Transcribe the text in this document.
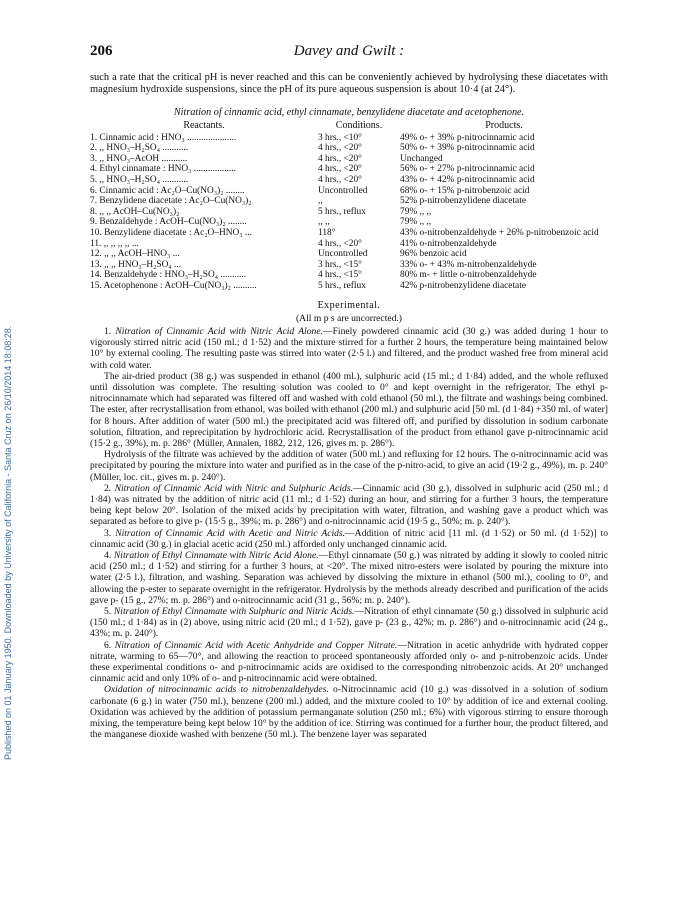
Published on 01 January 1950. Downloaded by University of California - Santa Cruz on 26/10/2014 18:08:28.
206	Davey and Gwilt :

such a rate that the critical pH is never reached and this can be conveniently achieved by hydrolysing these diacetates with magnesium hydroxide suspensions, since the pH of its pure aqueous suspension is about 10·4 (at 24°).

Nitration of cinnamic acid, ethyl cinnamate, benzylidene diacetate and acetophenone.
Reactants.	Conditions.	Products.
1. Cinnamic acid : HNO₃ .....................	3 hrs., <10°	49% o- + 39% p-nitrocinnamic acid
2. ,, HNO₃–H₂SO₄ ...........	4 hrs., <20°	50% o- + 39% p-nitrocinnamic acid
3. ,, HNO₃–AcOH ...........	4 hrs., <20°	Unchanged
4. Ethyl cinnamate : HNO₃ ..................	4 hrs., <20°	56% o- + 27% p-nitrocinnamic acid
5. ,, HNO₃–H₂SO₄ ...........	4 hrs., <20°	43% o- + 42% p-nitrocinnamic acid
6. Cinnamic acid : Ac₂O–Cu(NO₃)₂ ........	Uncontrolled	68% o- + 15% p-nitrobenzoic acid
7. Benzylidene diacetate : Ac₂O–Cu(NO₃)₂	,,	52% p-nitrobenzylidene diacetate
8. ,, ,, AcOH–Cu(NO₃)₂	5 hrs., reflux	79% ,, ,,
9. Benzaldehyde : AcOH–Cu(NO₃)₂ ........	,, ,,	79% ,, ,,
10. Benzylidene diacetate : Ac₂O–HNO₃ ...	118°	43% o-nitrobenzaldehyde + 26% p-nitrobenzoic acid
11. ,, ,, ,, ,, ...	4 hrs., <20°	41% o-nitrobenzaldehyde
12. ,, ,, AcOH–HNO₃ ...	Uncontrolled	96% benzoic acid
13. ,, ,, HNO₃–H₂SO₄ ...	3 hrs., <15°	33% o- + 43% m-nitrobenzaldehyde
14. Benzaldehyde : HNO₃–H₂SO₄ ...........	4 hrs., <15°	80% m- + little o-nitrobenzaldehyde
15. Acetophenone : AcOH–Cu(NO₃)₂ ..........	5 hrs., reflux	42% p-nitrobenzylidene diacetate
Experimental.
(All m p s are uncorrected.)

1. Nitration of Cinnamic Acid with Nitric Acid Alone.—Finely powdered cinnamic acid (30 g.) was added during 1 hour to vigorously stirred nitric acid (150 ml.; d 1·52) and the mixture stirred for a further 2 hours, the temperature being maintained below 10° by external cooling. The resulting paste was stirred into water (2·5 l.) and filtered, and the product washed free from mineral acid with cold water.

The air-dried product (38 g.) was suspended in ethanol (400 ml.), sulphuric acid (15 ml.; d 1·84) added, and the whole refluxed until dissolution was complete. The resulting solution was cooled to 0° and kept overnight in the refrigerator. The ethyl p-nitrocinnamate which had separated was filtered off and washed with cold ethanol (50 ml.), the filtrate and washings being combined. The ester, after recrystallisation from ethanol, was boiled with ethanol (200 ml.) and sulphuric acid [50 ml. (d 1·84) +350 ml. of water] for 8 hours. After addition of water (500 ml.) the precipitated acid was filtered off, and purified by dissolution in sodium carbonate solution, filtration, and reprecipitation by hydrochloric acid. Recrystallisation of the product from ethanol gave p-nitrocinnamic acid (15·2 g., 39%), m. p. 286° (Müller, Annalen, 1882, 212, 126, gives m. p. 286°).

Hydrolysis of the filtrate was achieved by the addition of water (500 ml.) and refluxing for 12 hours. The o-nitrocinnamic acid was precipitated by pouring the mixture into water and purified as in the case of the p-nitro-acid, to give an acid (19·2 g., 49%), m. p. 240° (Müller, loc. cit., gives m. p. 240°).

2. Nitration of Cinnamic Acid with Nitric and Sulphuric Acids.—Cinnamic acid (30 g.), dissolved in sulphuric acid (250 ml.; d 1·84) was nitrated by the addition of nitric acid (11 ml.; d 1·52) during an hour, and stirring for a further 3 hours, the temperature being kept below 20°. Isolation of the mixed acids by precipitation with water, filtration, and washing gave a product which was separated as before to give p- (15·5 g., 39%; m. p. 286°) and o-nitrocinnamic acid (19·5 g., 50%; m. p. 240°).

3. Nitration of Cinnamic Acid with Acetic and Nitric Acids.—Addition of nitric acid [11 ml. (d 1·52) or 50 ml. (d 1·52)] to cinnamic acid (30 g.) in glacial acetic acid (250 ml.) afforded only unchanged cinnamic acid.

4. Nitration of Ethyl Cinnamate with Nitric Acid Alone.—Ethyl cinnamate (50 g.) was nitrated by adding it slowly to cooled nitric acid (250 ml.; d 1·52) and stirring for a further 3 hours, at <20°. The mixed nitro-esters were isolated by pouring the mixture into water (2·5 l.), filtration, and washing. Separation was achieved by dissolving the mixture in ethanol (500 ml.), cooling to 0°, and allowing the p-ester to separate overnight in the refrigerator. Hydrolysis by the methods already described and purification of the acids gave p- (15 g., 27%; m. p. 286°) and o-nitrocinnamic acid (31 g., 56%; m. p. 240°).

5. Nitration of Ethyl Cinnamate with Sulphuric and Nitric Acids.—Nitration of ethyl cinnamate (50 g.) dissolved in sulphuric acid (150 ml.; d 1·84) as in (2) above, using nitric acid (20 ml.; d 1·52), gave p- (23 g., 42%; m. p. 286°) and o-nitrocinnamic acid (24 g., 43%; m. p. 240°).

6. Nitration of Cinnamic Acid with Acetic Anhydride and Copper Nitrate.—Nitration in acetic anhydride with hydrated copper nitrate, warming to 65—70°, and allowing the reaction to proceed spontaneously afforded only o- and p-nitrobenzoic acids. Under these experimental conditions o- and p-nitrocinnamic acids are oxidised to the corresponding nitrobenzoic acids. At 20° unchanged cinnamic acid and only 10% of o- and p-nitrocinnamic acid were obtained.

Oxidation of nitrocinnamic acids to nitrobenzaldehydes. o-Nitrocinnamic acid (10 g.) was dissolved in a solution of sodium carbonate (6 g.) in water (750 ml.), benzene (200 ml.) added, and the mixture cooled to 10° by addition of ice and external cooling. Oxidation was achieved by the addition of potassium permanganate solution (250 ml.; 6%) with vigorous stirring to ensure thorough mixing, the temperature being kept below 10° by the addition of ice. Stirring was continued for a further hour, the product filtered, and the manganese dioxide washed with benzene (50 ml.). The benzene layer was separated
